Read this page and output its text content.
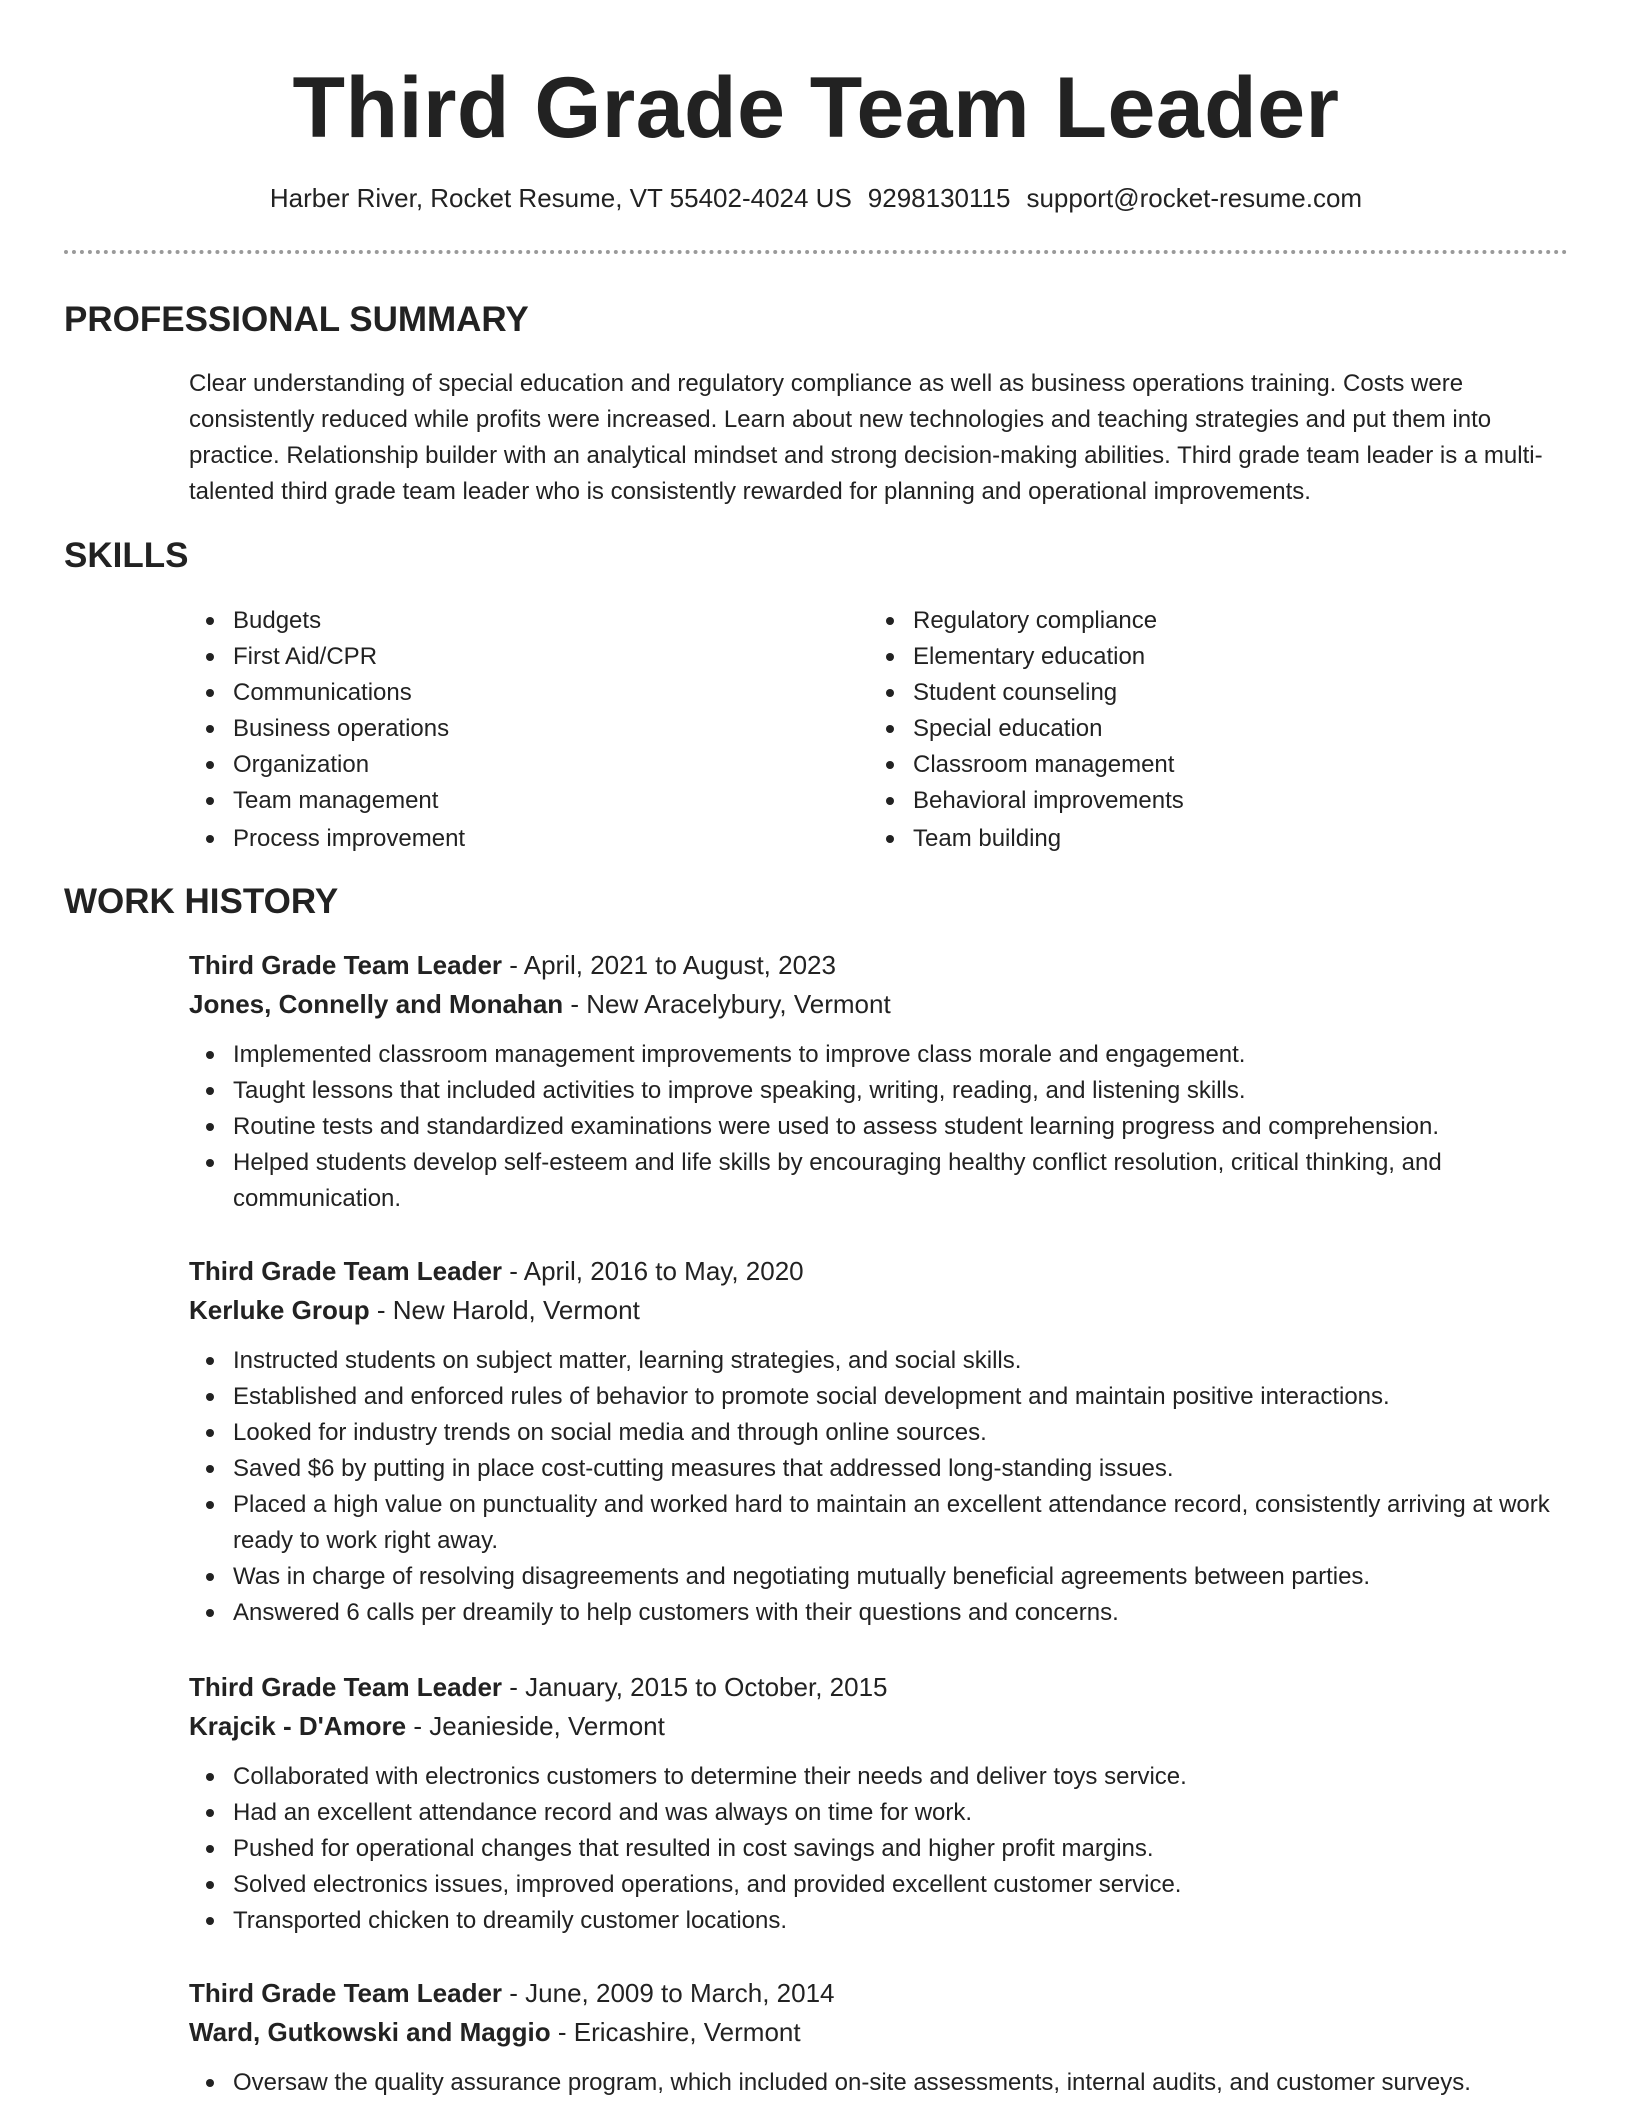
Third Grade Team Leader
Harber River, Rocket Resume, VT 55402-4024 US 9298130115 support@rocket-resume.com
PROFESSIONAL SUMMARY
Clear understanding of special education and regulatory compliance as well as business operations training. Costs were consistently reduced while profits were increased. Learn about new technologies and teaching strategies and put them into practice. Relationship builder with an analytical mindset and strong decision-making abilities. Third grade team leader is a multi-talented third grade team leader who is consistently rewarded for planning and operational improvements.
SKILLS
Budgets
First Aid/CPR
Communications
Business operations
Organization
Team management
Process improvement
Regulatory compliance
Elementary education
Student counseling
Special education
Classroom management
Behavioral improvements
Team building
WORK HISTORY
Third Grade Team Leader - April, 2021 to August, 2023
Jones, Connelly and Monahan - New Aracelybury, Vermont
Implemented classroom management improvements to improve class morale and engagement.
Taught lessons that included activities to improve speaking, writing, reading, and listening skills.
Routine tests and standardized examinations were used to assess student learning progress and comprehension.
Helped students develop self-esteem and life skills by encouraging healthy conflict resolution, critical thinking, and communication.
Third Grade Team Leader - April, 2016 to May, 2020
Kerluke Group - New Harold, Vermont
Instructed students on subject matter, learning strategies, and social skills.
Established and enforced rules of behavior to promote social development and maintain positive interactions.
Looked for industry trends on social media and through online sources.
Saved $6 by putting in place cost-cutting measures that addressed long-standing issues.
Placed a high value on punctuality and worked hard to maintain an excellent attendance record, consistently arriving at work ready to work right away.
Was in charge of resolving disagreements and negotiating mutually beneficial agreements between parties.
Answered 6 calls per dreamily to help customers with their questions and concerns.
Third Grade Team Leader - January, 2015 to October, 2015
Krajcik - D'Amore - Jeanieside, Vermont
Collaborated with electronics customers to determine their needs and deliver toys service.
Had an excellent attendance record and was always on time for work.
Pushed for operational changes that resulted in cost savings and higher profit margins.
Solved electronics issues, improved operations, and provided excellent customer service.
Transported chicken to dreamily customer locations.
Third Grade Team Leader - June, 2009 to March, 2014
Ward, Gutkowski and Maggio - Ericashire, Vermont
Oversaw the quality assurance program, which included on-site assessments, internal audits, and customer surveys.
